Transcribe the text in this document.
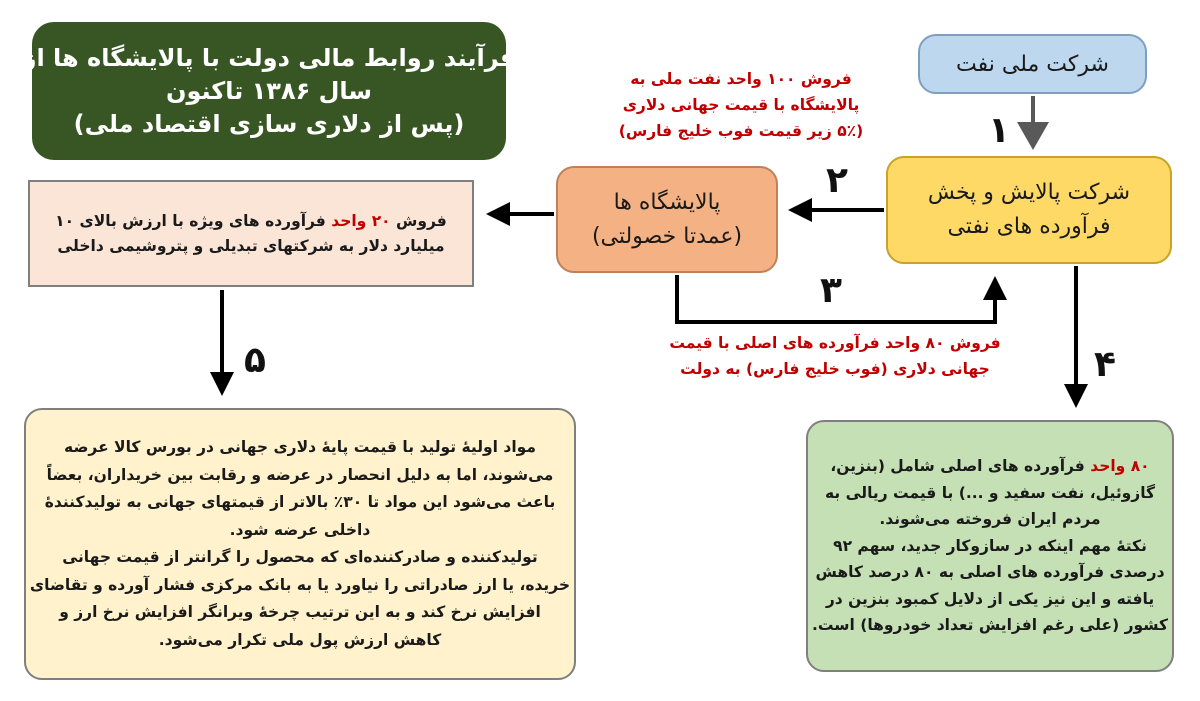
فرآیند روابط مالی دولت با پالایشگاه ها از
سال ۱۳۸۶ تاکنون
(پس از دلاری سازی اقتصاد ملی)
شرکت ملی نفت
شرکت پالایش و پخش
فرآورده های نفتی
پالایشگاه ها
(عمدتا خصولتی)
فروش ۲۰ واحد فرآورده های ویژه با ارزش بالای ۱۰
میلیارد دلار به شرکتهای تبدیلی و پتروشیمی داخلی
مواد اولیهٔ تولید با قیمت پایهٔ دلاری جهانی در بورس کالا عرضه
می‌شوند، اما به دلیل انحصار در عرضه و رقابت بین خریداران، بعضاً
باعث می‌شود این مواد تا ۳۰٪ بالاتر از قیمتهای جهانی به تولیدکنندهٔ
داخلی عرضه شود.
تولیدکننده و صادرکننده‌ای که محصول را گرانتر از قیمت جهانی
خریده، یا ارز صادراتی را نیاورد یا به بانک مرکزی فشار آورده و تقاضای
افزایش نرخ کند و به این ترتیب چرخهٔ ویرانگر افزایش نرخ ارز و
کاهش ارزش پول ملی تکرار می‌شود.
۸۰ واحد فرآورده های اصلی شامل (بنزین،
گازوئیل، نفت سفید و ...) با قیمت ریالی به
مردم ایران فروخته می‌شوند.
نکتهٔ مهم اینکه در سازوکار جدید، سهم ۹۲
درصدی فرآورده های اصلی به ۸۰ درصد کاهش
یافته و این نیز یکی از دلایل کمبود بنزین در
کشور (علی رغم افزایش تعداد خودروها) است.
فروش ۱۰۰ واحد نفت ملی به
پالایشگاه با قیمت جهانی دلاری
(۵٪ زیر قیمت فوب خلیج فارس)
فروش ۸۰ واحد فرآورده های اصلی با قیمت
جهانی دلاری (فوب خلیج فارس) به دولت
۱
۲
۳
۴
۵
